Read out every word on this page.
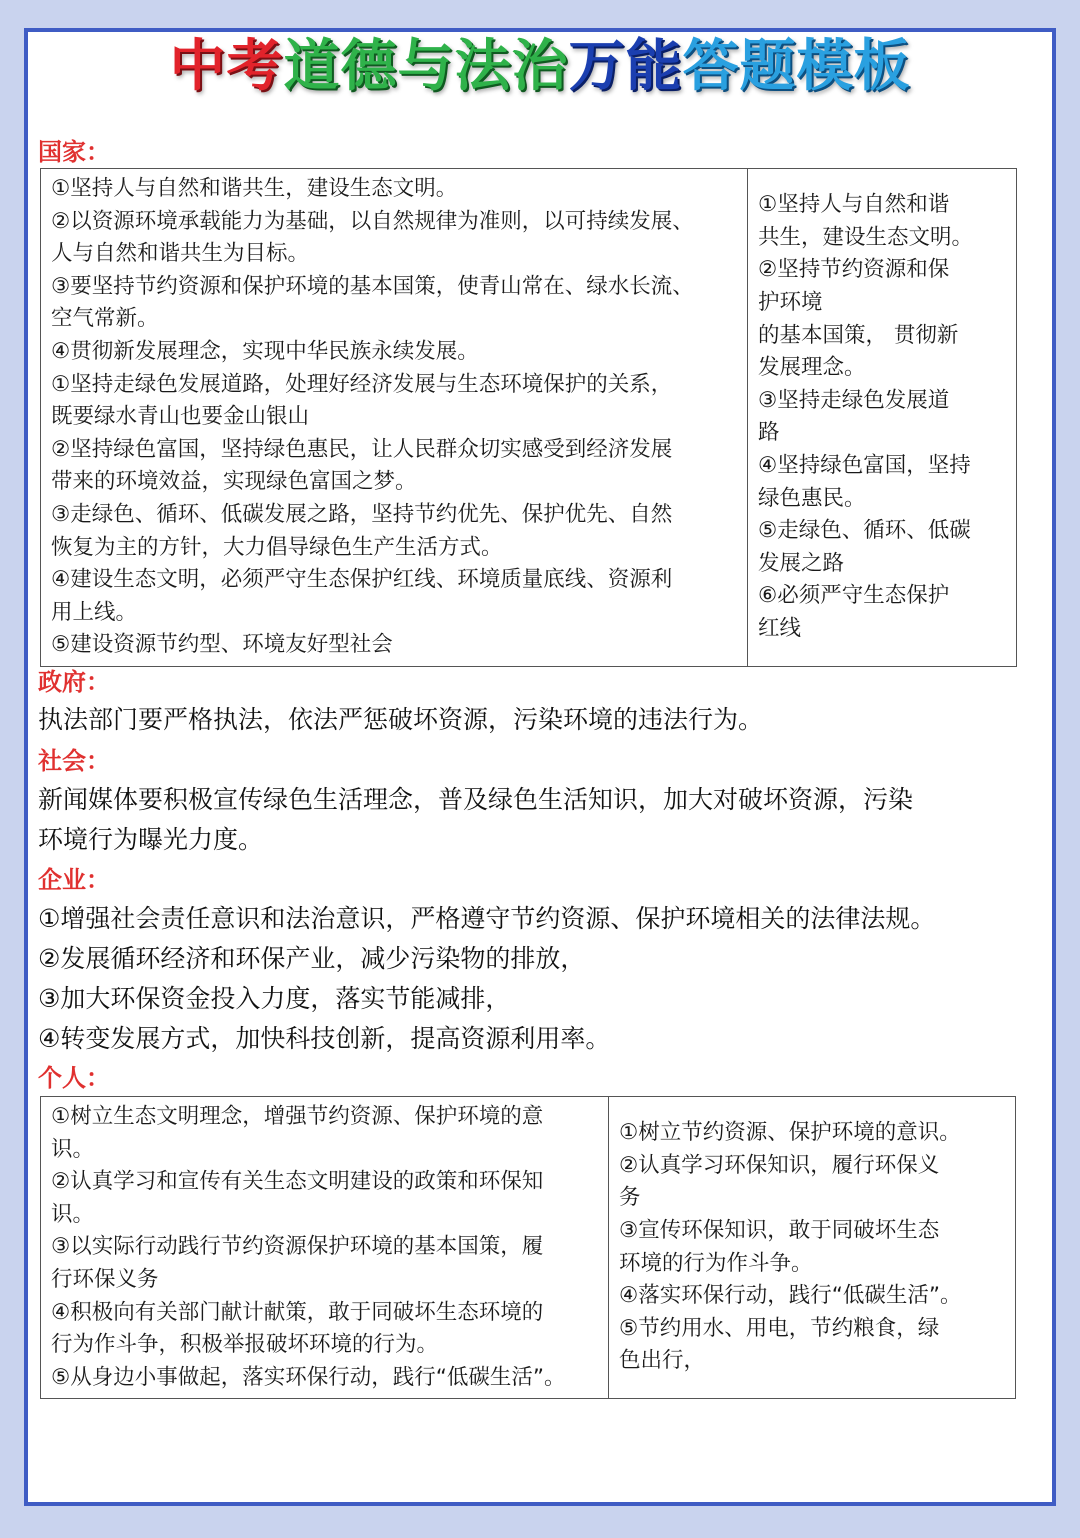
中考道德与法治万能答题模板
国家：
①坚持人与自然和谐共生，建设生态文明。
②以资源环境承载能力为基础，以自然规律为准则，以可持续发展、
人与自然和谐共生为目标。
③要坚持节约资源和保护环境的基本国策，使青山常在、绿水长流、
空气常新。
④贯彻新发展理念，实现中华民族永续发展。
①坚持走绿色发展道路，处理好经济发展与生态环境保护的关系，
既要绿水青山也要金山银山
②坚持绿色富国，坚持绿色惠民，让人民群众切实感受到经济发展
带来的环境效益，实现绿色富国之梦。
③走绿色、循环、低碳发展之路，坚持节约优先、保护优先、自然
恢复为主的方针，大力倡导绿色生产生活方式。
④建设生态文明，必须严守生态保护红线、环境质量底线、资源利
用上线。
⑤建设资源节约型、环境友好型社会

①坚持人与自然和谐
共生，建设生态文明。
②坚持节约资源和保
护环境
的基本国策， 贯彻新
发展理念。
③坚持走绿色发展道
路
④坚持绿色富国，坚持
绿色惠民。
⑤走绿色、循环、低碳
发展之路
⑥必须严守生态保护
红线
政府：

执法部门要严格执法，依法严惩破坏资源，污染环境的违法行为。

社会：

新闻媒体要积极宣传绿色生活理念，普及绿色生活知识，加大对破坏资源，污染

环境行为曝光力度。

企业：

①增强社会责任意识和法治意识，严格遵守节约资源、保护环境相关的法律法规。

②发展循环经济和环保产业，减少污染物的排放，

③加大环保资金投入力度，落实节能减排，

④转变发展方式，加快科技创新，提高资源利用率。

个人：
①树立生态文明理念，增强节约资源、保护环境的意
识。
②认真学习和宣传有关生态文明建设的政策和环保知
识。
③以实际行动践行节约资源保护环境的基本国策，履
行环保义务
④积极向有关部门献计献策，敢于同破坏生态环境的
行为作斗争，积极举报破坏环境的行为。
⑤从身边小事做起，落实环保行动，践行“低碳生活”。

①树立节约资源、保护环境的意识。
②认真学习环保知识，履行环保义
务
③宣传环保知识，敢于同破坏生态
环境的行为作斗争。
④落实环保行动，践行“低碳生活”。
⑤节约用水、用电，节约粮食，绿
色出行，
